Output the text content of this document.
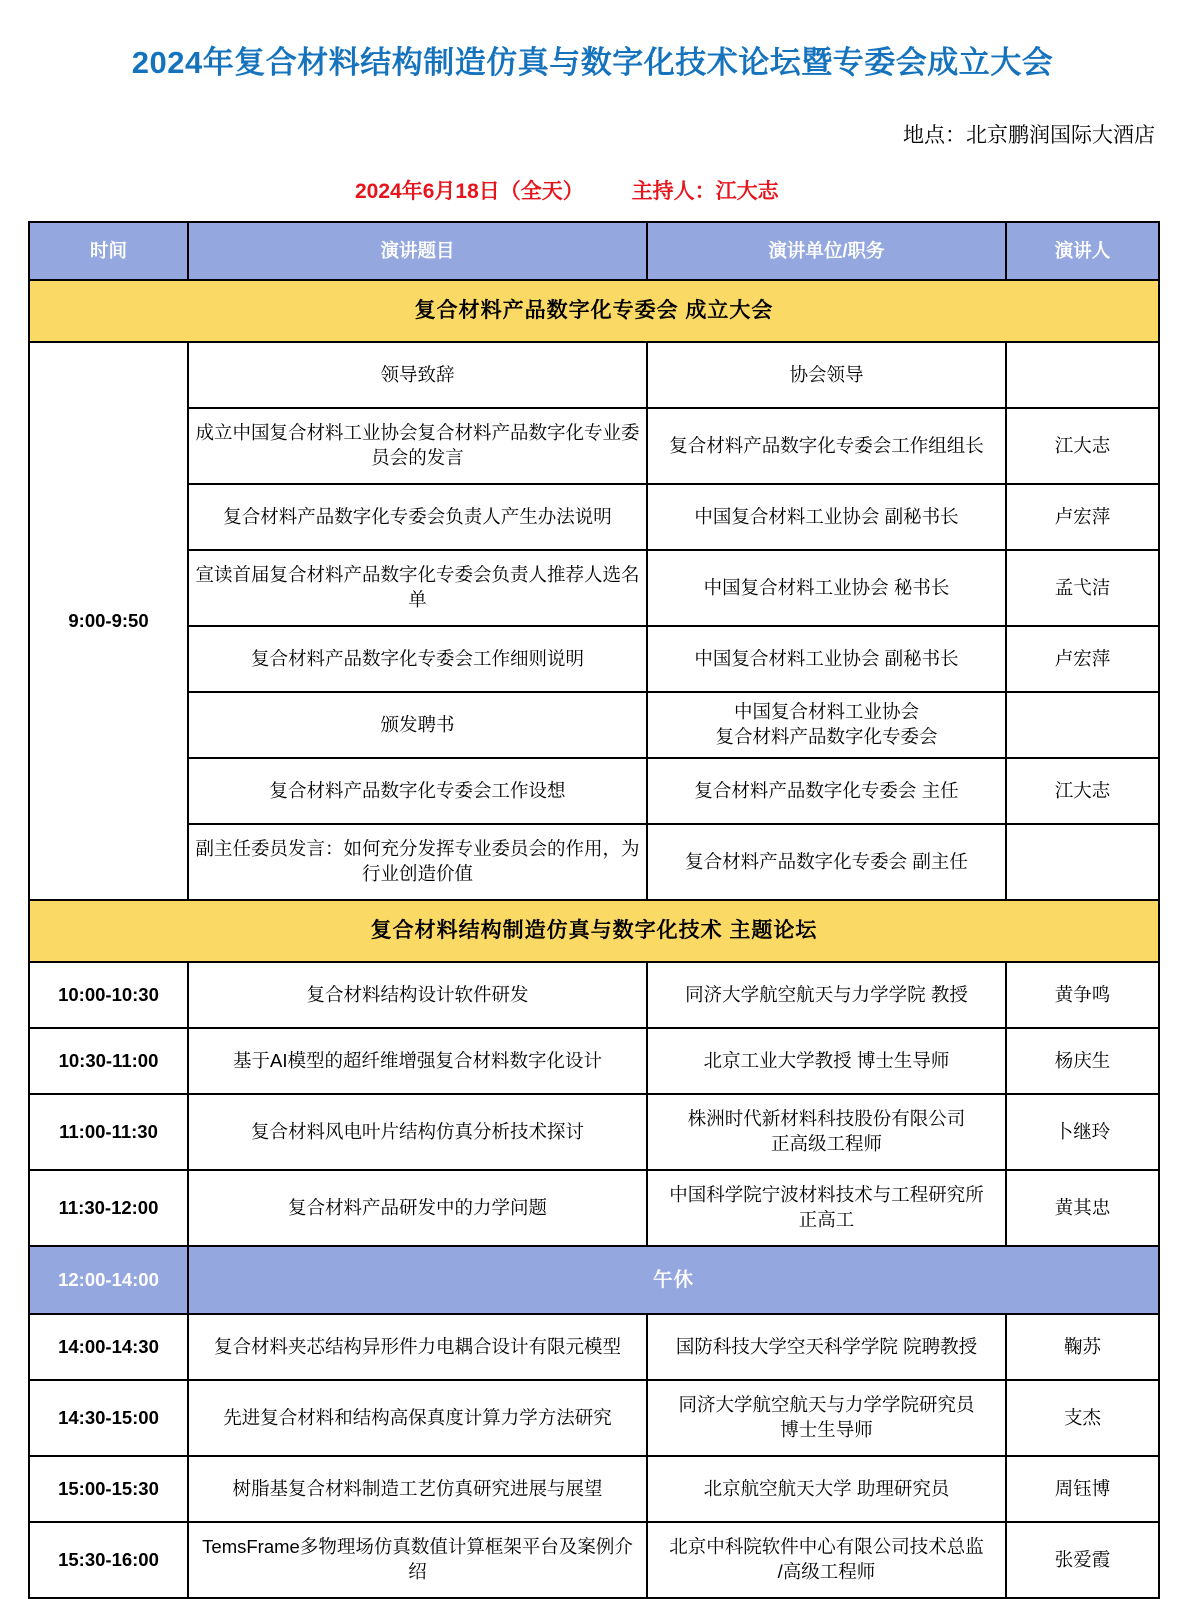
2024年复合材料结构制造仿真与数字化技术论坛暨专委会成立大会
地点：北京鹏润国际大酒店
2024年6月18日（全天） 主持人：江大志
时间	演讲题目	演讲单位/职务	演讲人
复合材料产品数字化专委会 成立大会			
9:00-9:50	领导致辞	协会领导	
	成立中国复合材料工业协会复合材料产品数字化专业委员会的发言	复合材料产品数字化专委会工作组组长	江大志
	复合材料产品数字化专委会负责人产生办法说明	中国复合材料工业协会 副秘书长	卢宏萍
	宣读首届复合材料产品数字化专委会负责人推荐人选名单	中国复合材料工业协会 秘书长	孟弋洁
	复合材料产品数字化专委会工作细则说明	中国复合材料工业协会 副秘书长	卢宏萍
	颁发聘书	中国复合材料工业协会
复合材料产品数字化专委会	
	复合材料产品数字化专委会工作设想	复合材料产品数字化专委会 主任	江大志
	副主任委员发言：如何充分发挥专业委员会的作用，为行业创造价值	复合材料产品数字化专委会 副主任	
复合材料结构制造仿真与数字化技术 主题论坛			
10:00-10:30	复合材料结构设计软件研发	同济大学航空航天与力学学院 教授	黄争鸣
10:30-11:00	基于AI模型的超纤维增强复合材料数字化设计	北京工业大学教授 博士生导师	杨庆生
11:00-11:30	复合材料风电叶片结构仿真分析技术探讨	株洲时代新材料科技股份有限公司
正高级工程师	卜继玲
11:30-12:00	复合材料产品研发中的力学问题	中国科学院宁波材料技术与工程研究所
正高工	黄其忠
12:00-14:00	午休		
14:00-14:30	复合材料夹芯结构异形件力电耦合设计有限元模型	国防科技大学空天科学学院 院聘教授	鞠苏
14:30-15:00	先进复合材料和结构高保真度计算力学方法研究	同济大学航空航天与力学学院研究员
博士生导师	支杰
15:00-15:30	树脂基复合材料制造工艺仿真研究进展与展望	北京航空航天大学 助理研究员	周钰博
15:30-16:00	TemsFrame多物理场仿真数值计算框架平台及案例介绍	北京中科院软件中心有限公司技术总监
/高级工程师	张爱霞
